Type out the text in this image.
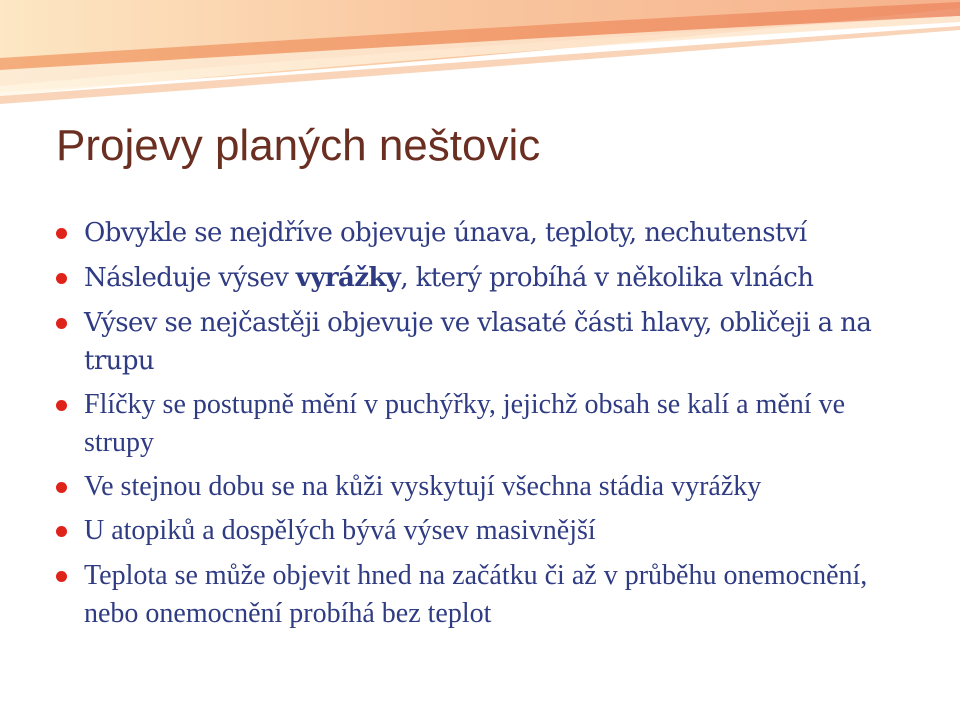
Projevy planých neštovic
Obvykle se nejdříve objevuje únava, teploty, nechutenství
Následuje výsev vyrážky, který probíhá v několika vlnách
Výsev se nejčastěji objevuje ve vlasaté části hlavy, obličeji a na trupu
Flíčky se postupně mění v puchýřky, jejichž obsah se kalí a mění ve strupy
Ve stejnou dobu se na kůži vyskytují všechna stádia vyrážky
U atopiků a dospělých bývá výsev masivnější
Teplota se může objevit hned na začátku či až v průběhu onemocnění, nebo onemocnění probíhá bez teplot
